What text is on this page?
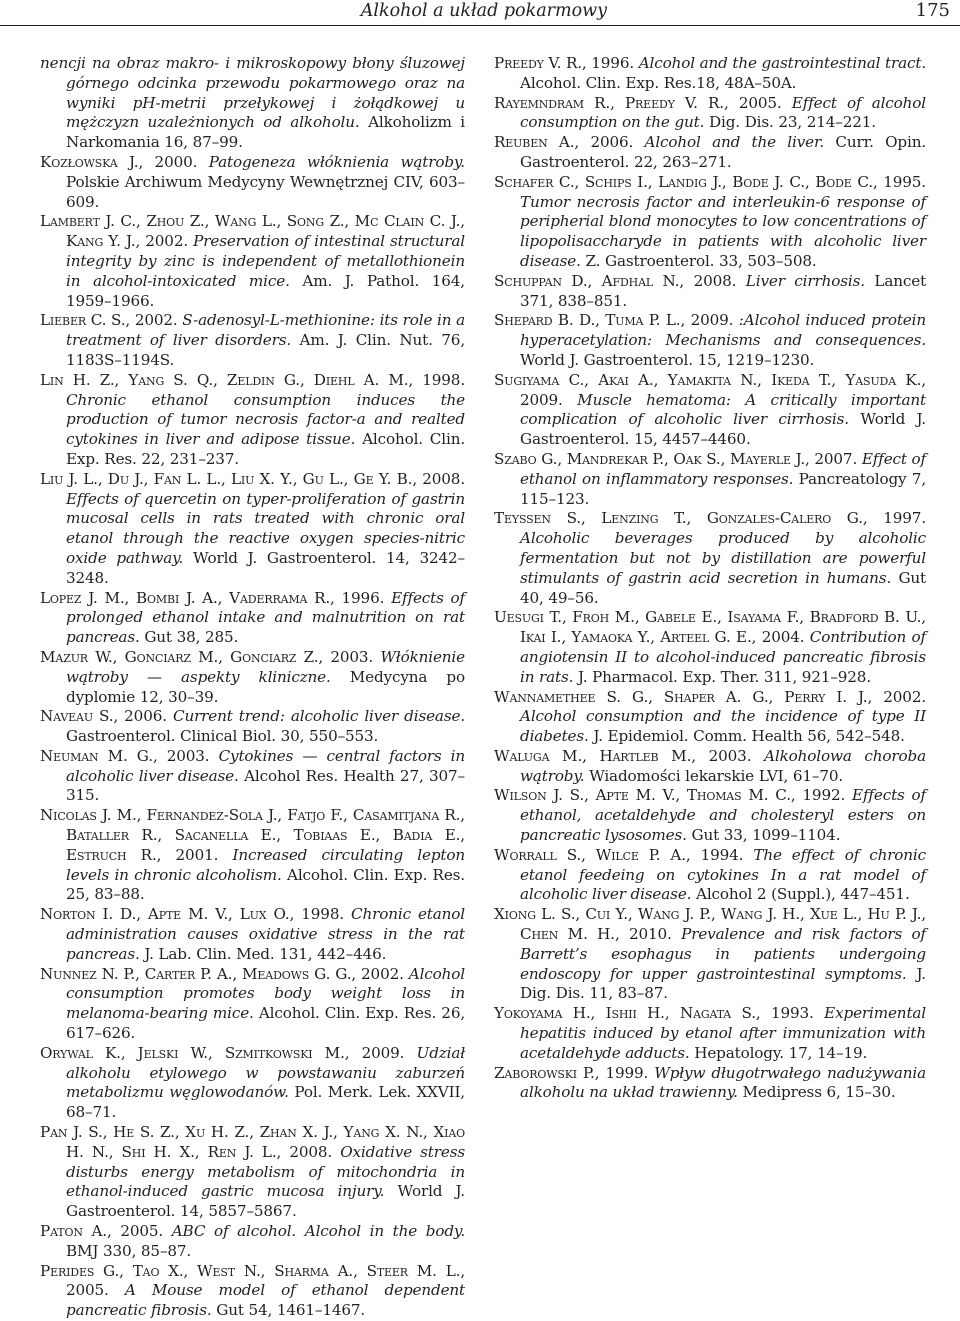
Alkohol a układ pokarmowy	175

nencji na obraz makro- i mikroskopowy błony śluzowej górnego odcinka przewodu pokarmowego oraz na wyniki pH-metrii przełykowej i żołądkowej u mężczyzn uzależnionych od alkoholu. Alkoholizm i Narkomania 16, 87–99.

Kozłowska J., 2000. Patogeneza włóknienia wątroby. Polskie Archiwum Medycyny Wewnętrznej CIV, 603–609.

Lambert J. C., Zhou Z., Wang L., Song Z., Mc Clain C. J., Kang Y. J., 2002. Preservation of intestinal structural integrity by zinc is independent of metallothionein in alcohol-intoxicated mice. Am. J. Pathol. 164, 1959–1966.

Lieber C. S., 2002. S-adenosyl-L-methionine: its role in a treatment of liver disorders. Am. J. Clin. Nut. 76, 1183S–1194S.

Lin H. Z., Yang S. Q., Zeldin G., Diehl A. M., 1998. Chronic ethanol consumption induces the production of tumor necrosis factor-a and realted cytokines in liver and adipose tissue. Alcohol. Clin. Exp. Res. 22, 231–237.

Liu J. L., Du J., Fan L. L., Liu X. Y., Gu L., Ge Y. B., 2008. Effects of quercetin on typer-proliferation of gastrin mucosal cells in rats treated with chronic oral etanol through the reactive oxygen species-nitric oxide pathway. World J. Gastroenterol. 14, 3242–3248.

Lopez J. M., Bombi J. A., Vaderrama R., 1996. Effects of prolonged ethanol intake and malnutrition on rat pancreas. Gut 38, 285.

Mazur W., Gonciarz M., Gonciarz Z., 2003. Włóknienie wątroby — aspekty kliniczne. Medycyna po dyplomie 12, 30–39.

Naveau S., 2006. Current trend: alcoholic liver disease. Gastroenterol. Clinical Biol. 30, 550–553.

Neuman M. G., 2003. Cytokines — central factors in alcoholic liver disease. Alcohol Res. Health 27, 307–315.

Nicolas J. M., Fernandez-Sola J., Fatjo F., Casamitjana R., Bataller R., Sacanella E., Tobiaas E., Badia E., Estruch R., 2001. Increased circulating lepton levels in chronic alcoholism. Alcohol. Clin. Exp. Res. 25, 83–88.

Norton I. D., Apte M. V., Lux O., 1998. Chronic etanol administration causes oxidative stress in the rat pancreas. J. Lab. Clin. Med. 131, 442–446.

Nunnez N. P., Carter P. A., Meadows G. G., 2002. Alcohol consumption promotes body weight loss in melanoma-bearing mice. Alcohol. Clin. Exp. Res. 26, 617–626.

Orywal K., Jelski W., Szmitkowski M., 2009. Udział alkoholu etylowego w powstawaniu zaburzeń metabolizmu węglowodanów. Pol. Merk. Lek. XXVII, 68–71.

Pan J. S., He S. Z., Xu H. Z., Zhan X. J., Yang X. N., Xiao H. N., Shi H. X., Ren J. L., 2008. Oxidative stress disturbs energy metabolism of mitochondria in ethanol-induced gastric mucosa injury. World J. Gastroenterol. 14, 5857–5867.

Paton A., 2005. ABC of alcohol. Alcohol in the body. BMJ 330, 85–87.

Perides G., Tao X., West N., Sharma A., Steer M. L., 2005. A Mouse model of ethanol dependent pancreatic fibrosis. Gut 54, 1461–1467.

Preedy V. R., 1996. Alcohol and the gastrointestinal tract. Alcohol. Clin. Exp. Res.18, 48A–50A.

Rayemndram R., Preedy V. R., 2005. Effect of alcohol consumption on the gut. Dig. Dis. 23, 214–221.

Reuben A., 2006. Alcohol and the liver. Curr. Opin. Gastroenterol. 22, 263–271.

Schafer C., Schips I., Landig J., Bode J. C., Bode C., 1995. Tumor necrosis factor and interleukin-6 response of peripherial blond monocytes to low concentrations of lipopolisaccharyde in patients with alcoholic liver disease. Z. Gastroenterol. 33, 503–508.

Schuppan D., Afdhal N., 2008. Liver cirrhosis. Lancet 371, 838–851.

Shepard B. D., Tuma P. L., 2009. :Alcohol induced protein hyperacetylation: Mechanisms and consequences. World J. Gastroenterol. 15, 1219–1230.

Sugiyama C., Akai A., Yamakita N., Ikeda T., Yasuda K., 2009. Muscle hematoma: A critically important complication of alcoholic liver cirrhosis. World J. Gastroenterol. 15, 4457–4460.

Szabo G., Mandrekar P., Oak S., Mayerle J., 2007. Effect of ethanol on inflammatory responses. Pancreatology 7, 115–123.

Teyssen S., Lenzing T., Gonzales-Calero G., 1997. Alcoholic beverages produced by alcoholic fermentation but not by distillation are powerful stimulants of gastrin acid secretion in humans. Gut 40, 49–56.

Uesugi T., Froh M., Gabele E., Isayama F., Bradford B. U., Ikai I., Yamaoka Y., Arteel G. E., 2004. Contribution of angiotensin II to alcohol-induced pancreatic fibrosis in rats. J. Pharmacol. Exp. Ther. 311, 921–928.

Wannamethee S. G., Shaper A. G., Perry I. J., 2002. Alcohol consumption and the incidence of type II diabetes. J. Epidemiol. Comm. Health 56, 542–548.

Waluga M., Hartleb M., 2003. Alkoholowa choroba wątroby. Wiadomości lekarskie LVI, 61–70.

Wilson J. S., Apte M. V., Thomas M. C., 1992. Effects of ethanol, acetaldehyde and cholesteryl esters on pancreatic lysosomes. Gut 33, 1099–1104.

Worrall S., Wilce P. A., 1994. The effect of chronic etanol feedeing on cytokines In a rat model of alcoholic liver disease. Alcohol 2 (Suppl.), 447–451.

Xiong L. S., Cui Y., Wang J. P., Wang J. H., Xue L., Hu P. J., Chen M. H., 2010. Prevalence and risk factors of Barrett’s esophagus in patients undergoing endoscopy for upper gastrointestinal symptoms. J. Dig. Dis. 11, 83–87.

Yokoyama H., Ishii H., Nagata S., 1993. Experimental hepatitis induced by etanol after immunization with acetaldehyde adducts. Hepatology. 17, 14–19.

Zaborowski P., 1999. Wpływ długotrwałego nadużywania alkoholu na układ trawienny. Medipress 6, 15–30.
